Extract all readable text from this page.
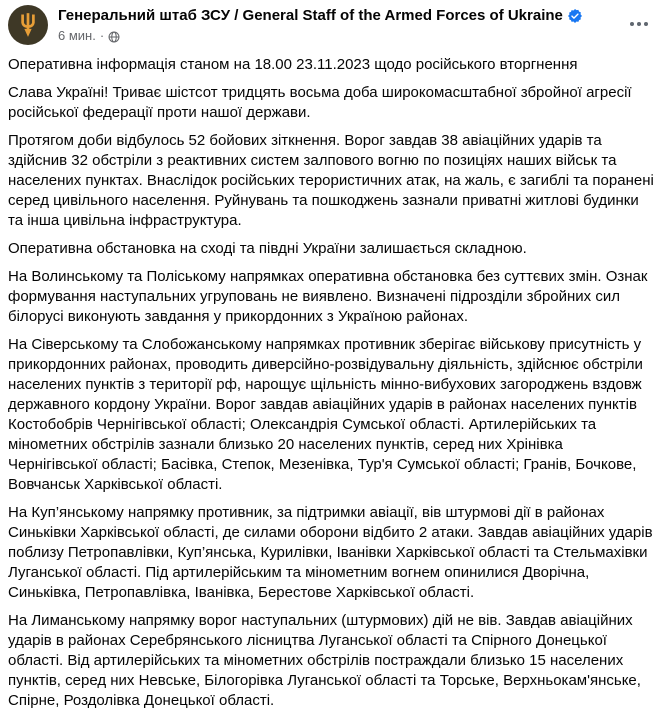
Генеральний штаб ЗСУ / General Staff of the Armed Forces of Ukraine
6 мин. ·

Оперативна інформація станом на 18.00 23.11.2023 щодо російського вторгнення

Слава Україні! Триває шістсот тридцять восьма доба широкомасштабної збройної агресії російської федерації проти нашої держави.

Протягом доби відбулось 52 бойових зіткнення. Ворог завдав 38 авіаційних ударів та здійснив 32 обстріли з реактивних систем залпового вогню по позиціях наших військ та населених пунктах. Внаслідок російських терористичних атак, на жаль, є загиблі та поранені серед цивільного населення. Руйнувань та пошкоджень зазнали приватні житлові будинки та інша цивільна інфраструктура.

Оперативна обстановка на сході та півдні України залишається складною.

На Волинському та Поліському напрямках оперативна обстановка без суттєвих змін. Ознак формування наступальних угруповань не виявлено. Визначені підрозділи збройних сил білорусі виконують завдання у прикордонних з Україною районах.

На Сіверському та Слобожанському напрямках противник зберігає військову присутність у прикордонних районах, проводить диверсійно-розвідувальну діяльність, здійснює обстріли населених пунктів з території рф, нарощує щільність мінно-вибухових загороджень вздовж державного кордону України. Ворог завдав авіаційних ударів в районах населених пунктів Костобобрів Чернігівської області; Олександрія Сумської області. Артилерійських та мінометних обстрілів зазнали близько 20 населених пунктів, серед них Хрінівка Чернігівської області; Басівка, Степок, Мезенівка, Тур'я Сумської області; Гранів, Бочкове, Вовчанськ Харківської області.

На Куп’янському напрямку противник, за підтримки авіації, вів штурмові дії в районах Синьківки Харківської області, де силами оборони відбито 2 атаки. Завдав авіаційних ударів поблизу Петропавлівки, Куп’янська, Курилівки, Іванівки Харківської області та Стельмахівки Луганської області. Під артилерійським та мінометним вогнем опинилися Дворічна, Синьківка, Петропавлівка, Іванівка, Берестове Харківської області.

На Лиманському напрямку ворог наступальних (штурмових) дій не вів. Завдав авіаційних ударів в районах Серебрянського лісництва Луганської області та Спірного Донецької області. Від артилерійських та мінометних обстрілів постраждали близько 15 населених пунктів, серед них Невське, Білогорівка Луганської області та Торське, Верхньокам'янське, Спірне, Роздолівка Донецької області.
